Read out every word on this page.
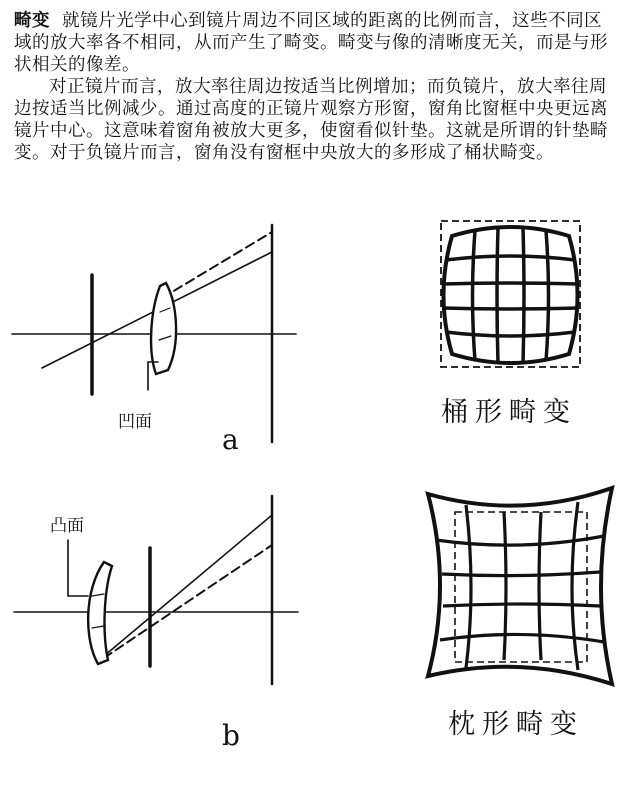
畸变 就镜片光学中心到镜片周边不同区域的距离的比例而言，这些不同区域的放大率各不相同，从而产生了畸变。畸变与像的清晰度无关，而是与形状相关的像差。

对正镜片而言，放大率往周边按适当比例增加；而负镜片，放大率往周边按适当比例减少。通过高度的正镜片观察方形窗，窗角比窗框中央更远离镜片中心。这意味着窗角被放大更多，使窗看似针垫。这就是所谓的针垫畸变。对于负镜片而言，窗角没有窗框中央放大的多形成了桶状畸变。

凹面
a
桶形畸变
凸面
b	枕形畸变
